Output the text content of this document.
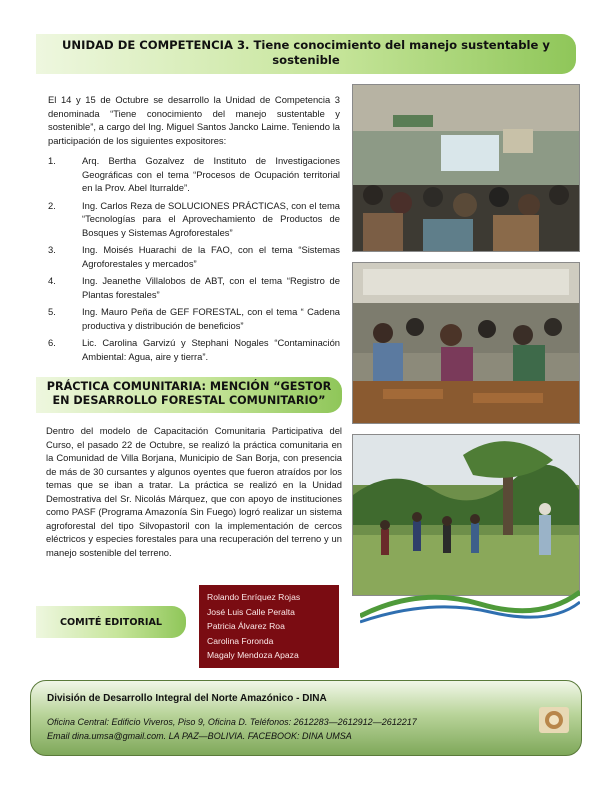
UNIDAD DE COMPETENCIA 3. Tiene conocimiento del manejo sustentable y sostenible

El 14 y 15 de Octubre se desarrollo la Unidad de Competencia 3 denominada “Tiene conocimiento del manejo sustentable y sostenible”, a cargo del Ing. Miguel Santos Jancko Laime. Teniendo la participación de los siguientes expositores:

1.	Arq. Bertha Gozalvez de Instituto de Investigaciones Geográficas con el tema “Procesos de Ocupación territorial en la Prov. Abel Iturralde”.
2.	Ing. Carlos Reza de SOLUCIONES PRÁCTICAS, con el tema “Tecnologías para el Aprovechamiento de Productos de Bosques y Sistemas Agroforestales”
3.	Ing. Moisés Huarachi de la FAO, con el tema “Sistemas Agroforestales y mercados”
4.	Ing. Jeanethe Villalobos de ABT, con el tema “Registro de Plantas forestales”
5.	Ing. Mauro Peña de GEF FORESTAL, con el tema “ Cadena productiva y distribución de beneficios”
6.	Lic. Carolina Garvizú y Stephani Nogales “Contaminación Ambiental: Agua, aire y tierra”.
PRÁCTICA COMUNITARIA: MENCIÓN “GESTOR EN DESARROLLO FORESTAL COMUNITARIO”

Dentro del modelo de Capacitación Comunitaria Participativa del Curso, el pasado 22 de Octubre, se realizó la práctica comunitaria en la Comunidad de Villa Borjana, Municipio de San Borja, con presencia de más de 30 cursantes y algunos oyentes que fueron atraídos por los temas que se iban a tratar. La práctica se realizó en la Unidad Demostrativa del Sr. Nicolás Márquez, que con apoyo de instituciones como PASF (Programa Amazonía Sin Fuego) logró realizar un sistema agroforestal del tipo Silvopastoril con la implementación de cercos eléctricos y especies forestales para una recuperación del terreno y un manejo sostenible del terreno.

COMITÉ EDITORIAL
Rolando Enríquez Rojas
José Luis Calle Peralta
Patricia Álvarez Roa
Carolina Foronda
Magaly Mendoza Apaza
División de Desarrollo Integral del Norte Amazónico - DINA
Oficina Central: Edificio Viveros, Piso 9, Oficina D. Teléfonos: 2612283—2612912—2612217
Email dina.umsa@gmail.com. LA PAZ—BOLIVIA. FACEBOOK: DINA UMSA
